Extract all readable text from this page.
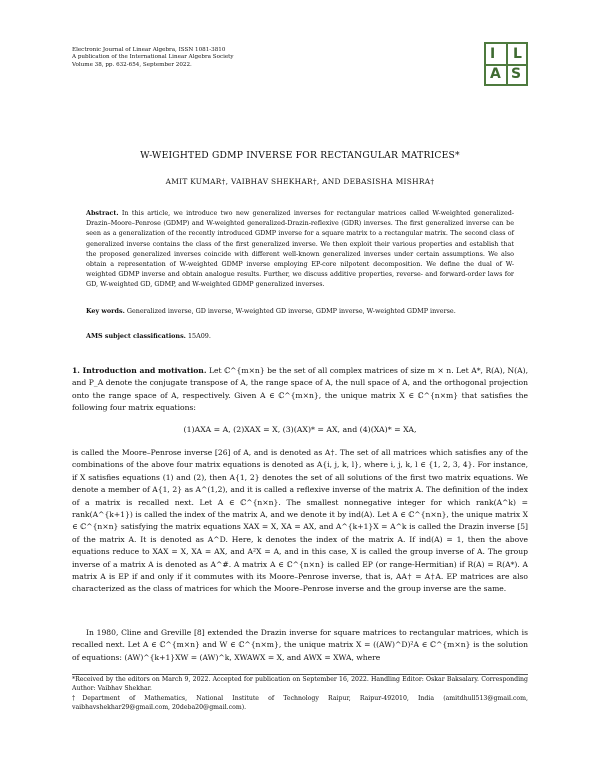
Electronic Journal of Linear Algebra, ISSN 1081-3810
A publication of the International Linear Algebra Society
Volume 38, pp. 632-654, September 2022.
I L
A S
W-WEIGHTED GDMP INVERSE FOR RECTANGULAR MATRICES*
AMIT KUMAR†, VAIBHAV SHEKHAR†, AND DEBASISHA MISHRA†
Abstract. In this article, we introduce two new generalized inverses for rectangular matrices called W-weighted generalized-Drazin–Moore–Penrose (GDMP) and W-weighted generalized-Drazin-reflexive (GDR) inverses. The first generalized inverse can be seen as a generalization of the recently introduced GDMP inverse for a square matrix to a rectangular matrix. The second class of generalized inverse contains the class of the first generalized inverse. We then exploit their various properties and establish that the proposed generalized inverses coincide with different well-known generalized inverses under certain assumptions. We also obtain a representation of W-weighted GDMP inverse employing EP-core nilpotent decomposition. We define the dual of W-weighted GDMP inverse and obtain analogue results. Further, we discuss additive properties, reverse- and forward-order laws for GD, W-weighted GD, GDMP, and W-weighted GDMP generalized inverses.
Key words. Generalized inverse, GD inverse, W-weighted GD inverse, GDMP inverse, W-weighted GDMP inverse.
AMS subject classifications. 15A09.
1. Introduction and motivation. Let ℂ^{m×n} be the set of all complex matrices of size m × n. Let A*, R(A), N(A), and P_A denote the conjugate transpose of A, the range space of A, the null space of A, and the orthogonal projection onto the range space of A, respectively. Given A ∈ ℂ^{m×n}, the unique matrix X ∈ ℂ^{n×m} that satisfies the following four matrix equations:
(1)AXA = A, (2)XAX = X, (3)(AX)* = AX, and (4)(XA)* = XA,
is called the Moore–Penrose inverse [26] of A, and is denoted as A†. The set of all matrices which satisfies any of the combinations of the above four matrix equations is denoted as A{i, j, k, l}, where i, j, k, l ∈ {1, 2, 3, 4}. For instance, if X satisfies equations (1) and (2), then A{1, 2} denotes the set of all solutions of the first two matrix equations. We denote a member of A{1, 2} as A^(1,2), and it is called a reflexive inverse of the matrix A. The definition of the index of a matrix is recalled next. Let A ∈ ℂ^{n×n}. The smallest nonnegative integer for which rank(A^k) = rank(A^{k+1}) is called the index of the matrix A, and we denote it by ind(A). Let A ∈ ℂ^{n×n}, the unique matrix X ∈ ℂ^{n×n} satisfying the matrix equations XAX = X, XA = AX, and A^{k+1}X = A^k is called the Drazin inverse [5] of the matrix A. It is denoted as A^D. Here, k denotes the index of the matrix A. If ind(A) = 1, then the above equations reduce to XAX = X, XA = AX, and A²X = A, and in this case, X is called the group inverse of A. The group inverse of a matrix A is denoted as A^#. A matrix A ∈ ℂ^{n×n} is called EP (or range-Hermitian) if R(A) = R(A*). A matrix A is EP if and only if it commutes with its Moore–Penrose inverse, that is, AA† = A†A. EP matrices are also characterized as the class of matrices for which the Moore–Penrose inverse and the group inverse are the same.
In 1980, Cline and Greville [8] extended the Drazin inverse for square matrices to rectangular matrices, which is recalled next. Let A ∈ ℂ^{m×n} and W ∈ ℂ^{n×m}, the unique matrix X = ((AW)^D)²A ∈ ℂ^{m×n} is the solution of equations: (AW)^{k+1}XW = (AW)^k, XWAWX = X, and AWX = XWA, where
*Received by the editors on March 9, 2022. Accepted for publication on September 16, 2022. Handling Editor: Oskar Baksalary. Corresponding Author: Vaibhav Shekhar.
†Department of Mathematics, National Institute of Technology Raipur, Raipur-492010, India (amitdhull513@gmail.com, vaibhavshekhar29@gmail.com, 20deba20@gmail.com).
